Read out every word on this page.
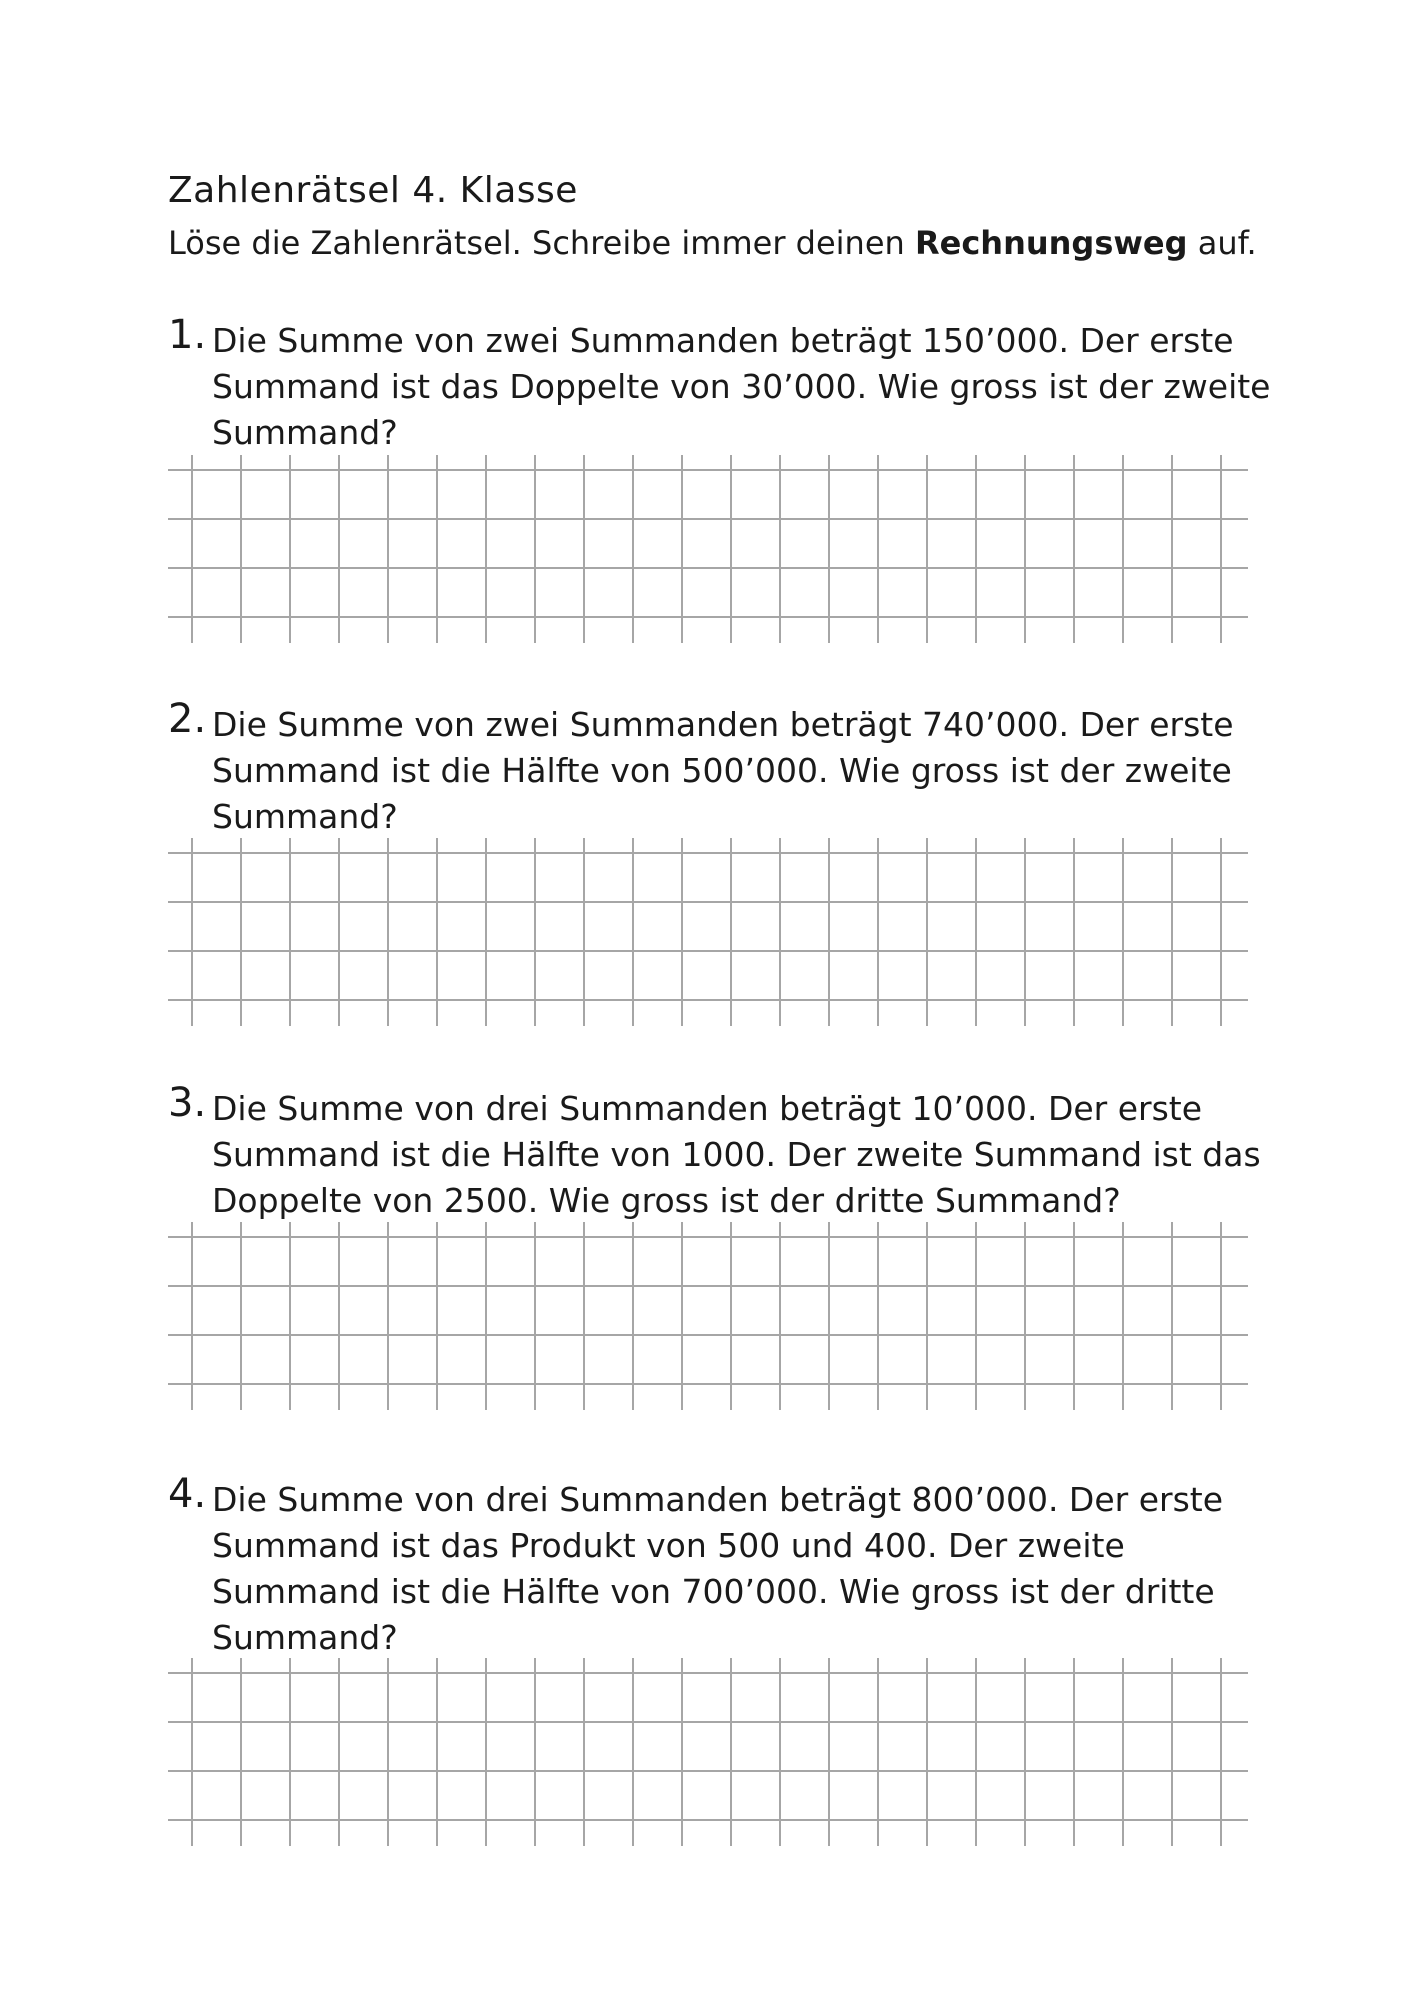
Zahlenrätsel 4. Klasse

Löse die Zahlenrätsel. Schreibe immer deinen Rechnungsweg auf.

1. Die Summe von zwei Summanden beträgt 150’000. Der erste
Summand ist das Doppelte von 30’000. Wie gross ist der zweite
Summand?
2. Die Summe von zwei Summanden beträgt 740’000. Der erste
Summand ist die Hälfte von 500’000. Wie gross ist der zweite
Summand?
3. Die Summe von drei Summanden beträgt 10’000. Der erste
Summand ist die Hälfte von 1000. Der zweite Summand ist das
Doppelte von 2500. Wie gross ist der dritte Summand?
4. Die Summe von drei Summanden beträgt 800’000. Der erste
Summand ist das Produkt von 500 und 400. Der zweite
Summand ist die Hälfte von 700’000. Wie gross ist der dritte
Summand?
